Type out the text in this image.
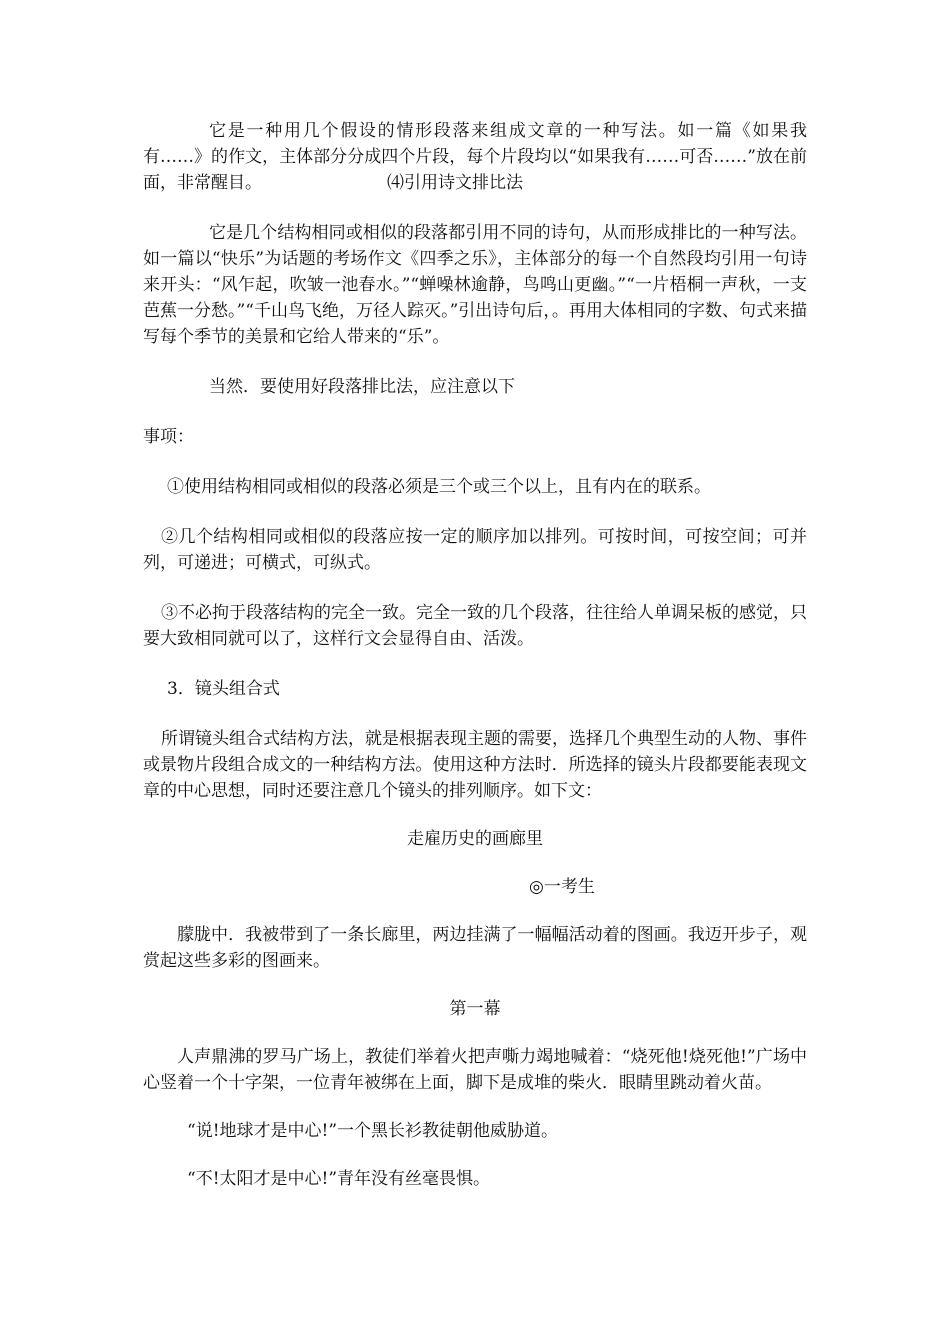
它是一种用几个假设的情形段落来组成文章的一种写法。如一篇《如果我有……》的作文，主体部分分成四个片段，每个片段均以“如果我有……可否……”放在前面，非常醒目。	⑷引用诗文排比法

它是几个结构相同或相似的段落都引用不同的诗句，从而形成排比的一种写法。如一篇以“快乐”为话题的考场作文《四季之乐》，主体部分的每一个自然段均引用一句诗来开头：“风乍起，吹皱一池春水。”“蝉噪林逾静，鸟鸣山更幽。”“一片梧桐一声秋，一支芭蕉一分愁。”“千山鸟飞绝，万径人踪灭。”引出诗句后，。再用大体相同的字数、句式来描写每个季节的美景和它给人带来的“乐”。

当然．要使用好段落排比法，应注意以下

事项：

①使用结构相同或相似的段落必须是三个或三个以上，且有内在的联系。

②几个结构相同或相似的段落应按一定的顺序加以排列。可按时间，可按空间；可并列，可递进；可横式，可纵式。

③不必拘于段落结构的完全一致。完全一致的几个段落，往往给人单调呆板的感觉，只要大致相同就可以了，这样行文会显得自由、活泼。

3．镜头组合式

所谓镜头组合式结构方法，就是根据表现主题的需要，选择几个典型生动的人物、事件或景物片段组合成文的一种结构方法。使用这种方法时．所选择的镜头片段都要能表现文章的中心思想，同时还要注意几个镜头的排列顺序。如下文：

走雇历史的画廊里

◎一考生

朦胧中．我被带到了一条长廊里，两边挂满了一幅幅活动着的图画。我迈开步子，观赏起这些多彩的图画来。

第一幕

人声鼎沸的罗马广场上，教徒们举着火把声嘶力竭地喊着：“烧死他!烧死他!”广场中心竖着一个十字架，一位青年被绑在上面，脚下是成堆的柴火．眼睛里跳动着火苗。

“说!地球才是中心!”一个黑长衫教徒朝他威胁道。

“不!太阳才是中心!”青年没有丝毫畏惧。
